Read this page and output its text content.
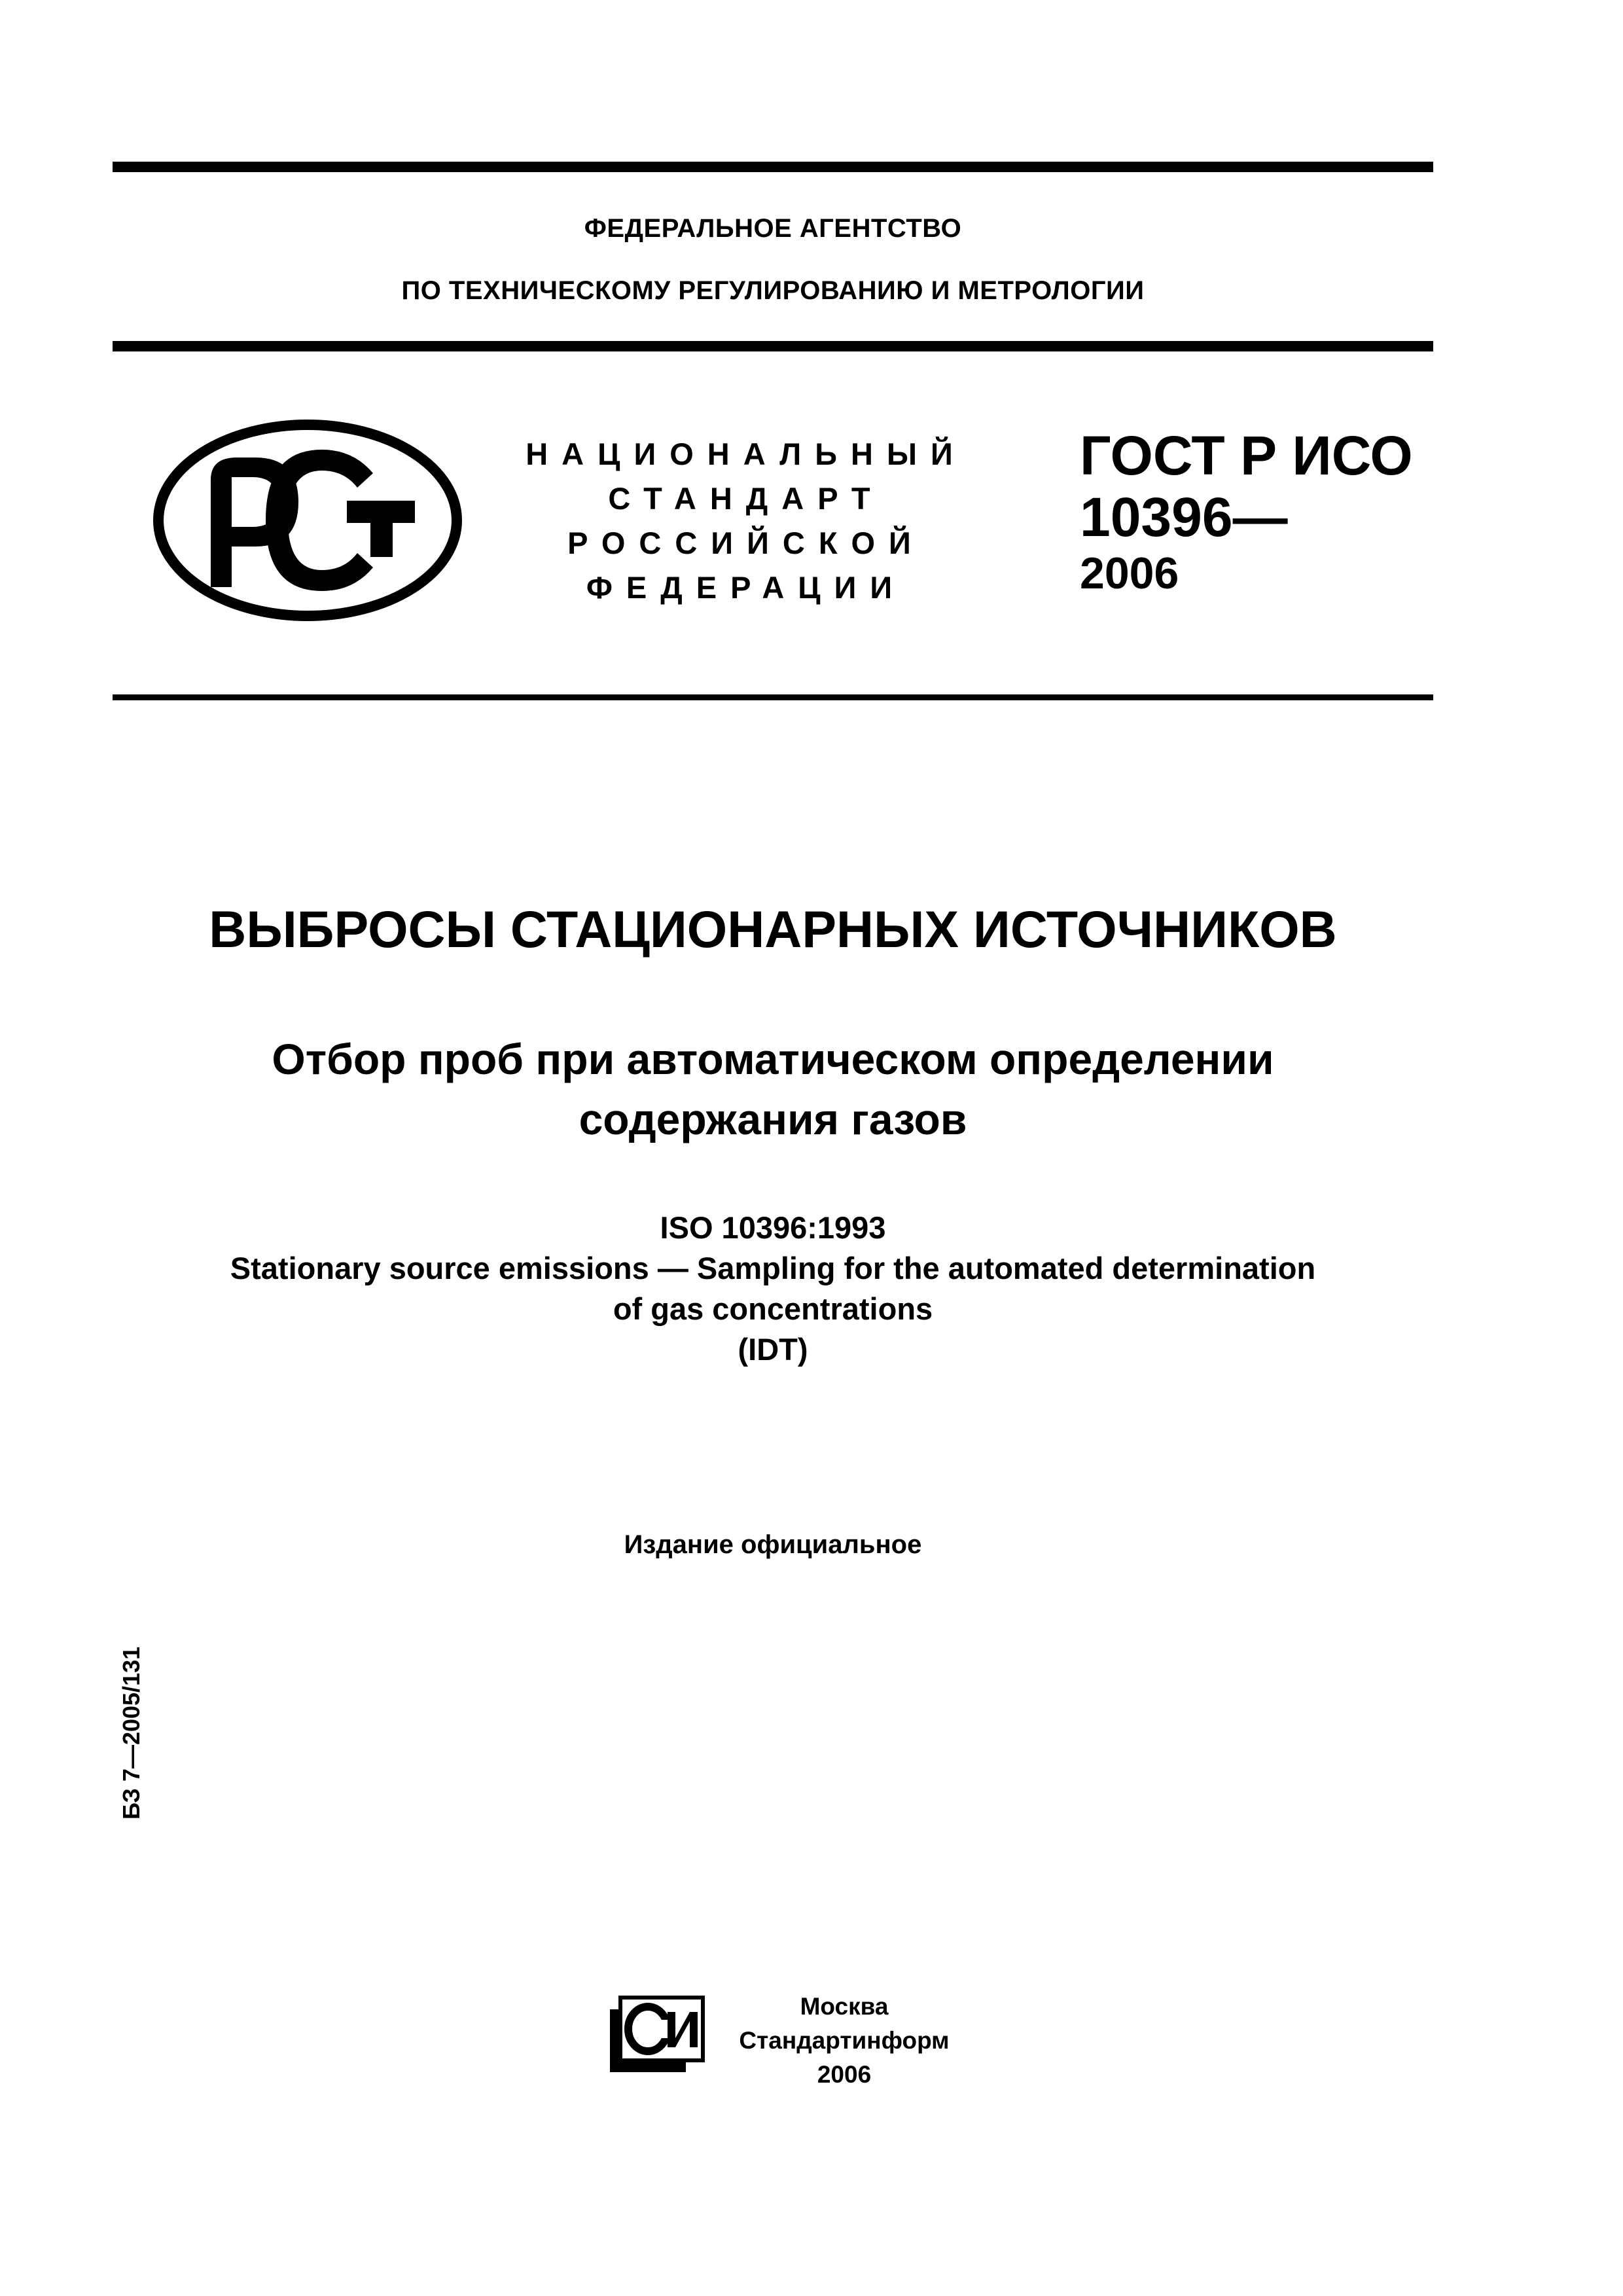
ФЕДЕРАЛЬНОЕ АГЕНТСТВО
ПО ТЕХНИЧЕСКОМУ РЕГУЛИРОВАНИЮ И МЕТРОЛОГИИ
НАЦИОНАЛЬНЫЙ
СТАНДАРТ
РОССИЙСКОЙ
ФЕДЕРАЦИИ
ГОСТ Р ИСО
10396—
2006
ВЫБРОСЫ СТАЦИОНАРНЫХ ИСТОЧНИКОВ
Отбор проб при автоматическом определении
содержания газов
ISO 10396:1993
Stationary source emissions — Sampling for the automated determination
of gas concentrations
(IDT)
Издание официальное
БЗ 7—2005/131
Москва
Стандартинформ
2006
